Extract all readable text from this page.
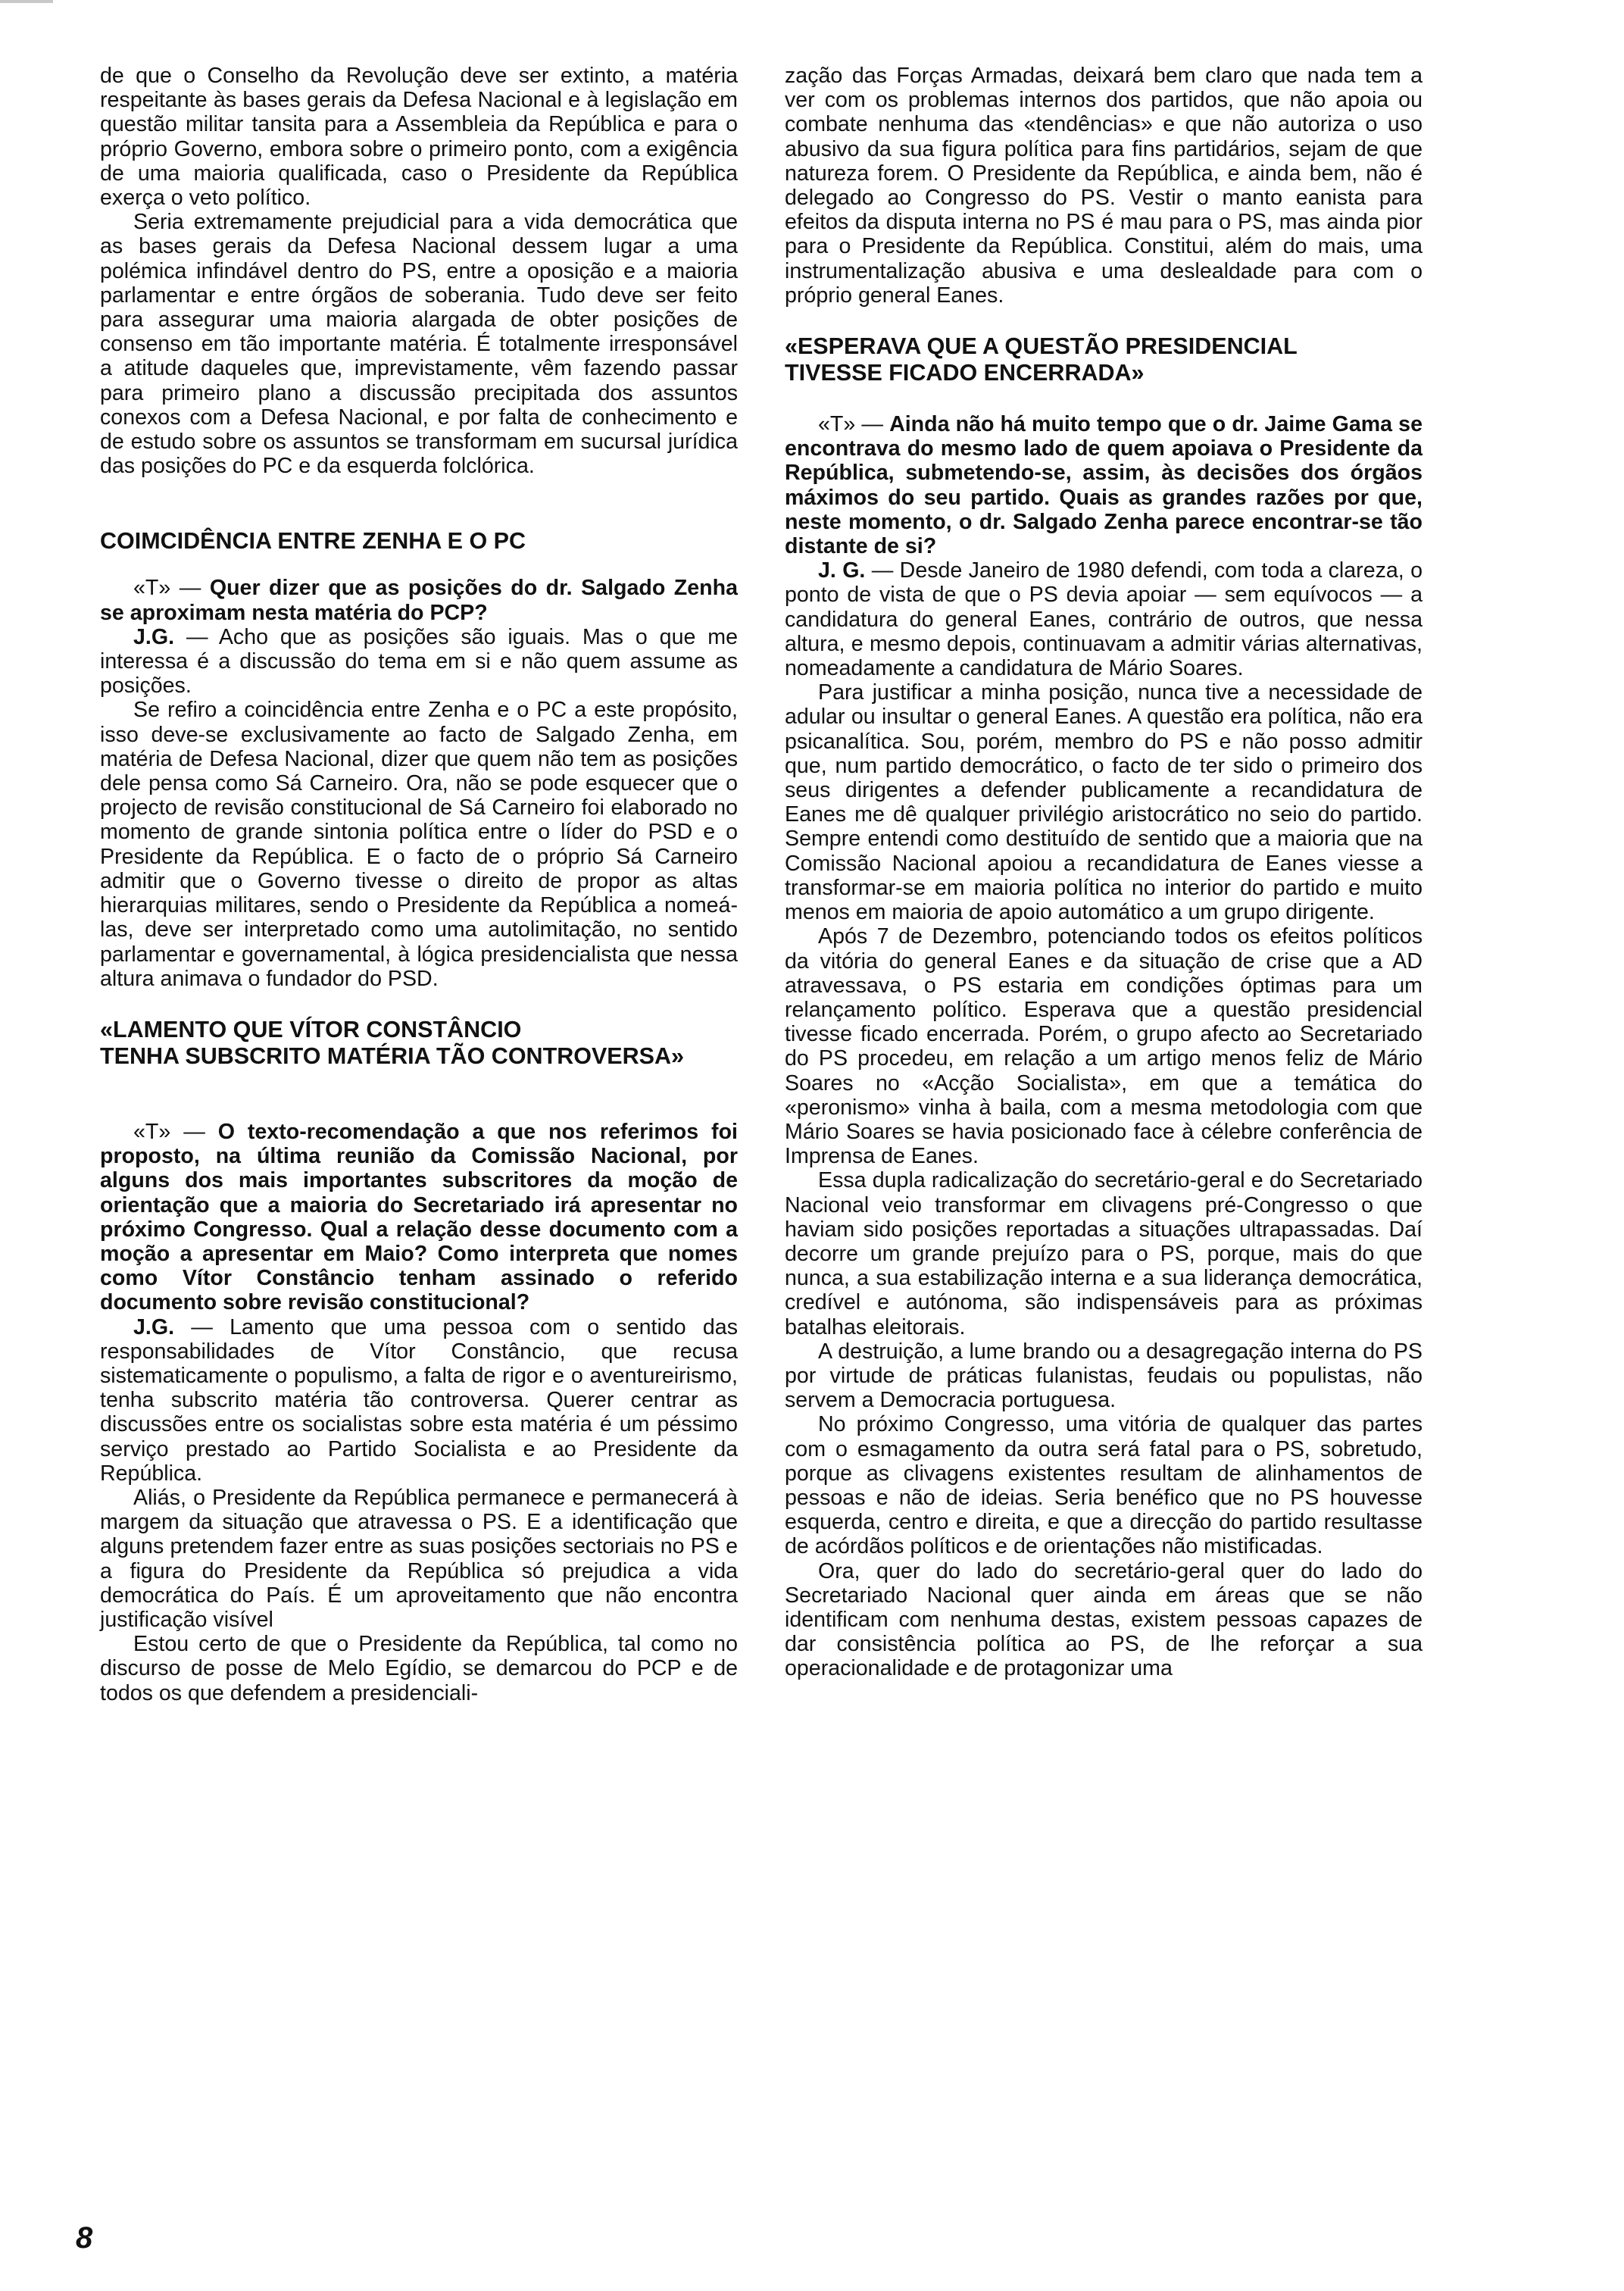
de que o Conselho da Revolução deve ser extinto, a matéria respeitante às bases gerais da Defesa Nacional e à legislação em questão militar tansita para a Assembleia da República e para o próprio Governo, embora sobre o primeiro ponto, com a exigência de uma maioria qualificada, caso o Presidente da República exerça o veto político.

Seria extremamente prejudicial para a vida democrática que as bases gerais da Defesa Nacional dessem lugar a uma polémica infindável dentro do PS, entre a oposição e a maioria parlamentar e entre órgãos de soberania. Tudo deve ser feito para assegurar uma maioria alargada de obter posições de consenso em tão importante matéria. É totalmente irresponsável a atitude daqueles que, imprevistamente, vêm fazendo passar para primeiro plano a discussão precipitada dos assuntos conexos com a Defesa Nacional, e por falta de conhecimento e de estudo sobre os assuntos se transformam em sucursal jurídica das posições do PC e da esquerda folclórica.

COIMCIDÊNCIA ENTRE ZENHA E O PC

«T» — Quer dizer que as posições do dr. Salgado Zenha se aproximam nesta matéria do PCP?

J.G. — Acho que as posições são iguais. Mas o que me interessa é a discussão do tema em si e não quem assume as posições.

Se refiro a coincidência entre Zenha e o PC a este propósito, isso deve-se exclusivamente ao facto de Salgado Zenha, em matéria de Defesa Nacional, dizer que quem não tem as posições dele pensa como Sá Carneiro. Ora, não se pode esquecer que o projecto de revisão constitucional de Sá Carneiro foi elaborado no momento de grande sintonia política entre o líder do PSD e o Presidente da República. E o facto de o próprio Sá Carneiro admitir que o Governo tivesse o direito de propor as altas hierarquias militares, sendo o Presidente da República a nomeá-las, deve ser interpretado como uma autolimitação, no sentido parlamentar e governamental, à lógica presidencialista que nessa altura animava o fundador do PSD.

«LAMENTO QUE VÍTOR CONSTÂNCIO
TENHA SUBSCRITO MATÉRIA TÃO CONTROVERSA»

«T» — O texto-recomendação a que nos referimos foi proposto, na última reunião da Comissão Nacional, por alguns dos mais importantes subscritores da moção de orientação que a maioria do Secretariado irá apresentar no próximo Congresso. Qual a relação desse documento com a moção a apresentar em Maio? Como interpreta que nomes como Vítor Constâncio tenham assinado o referido documento sobre revisão constitucional?

J.G. — Lamento que uma pessoa com o sentido das responsabilidades de Vítor Constâncio, que recusa sistematicamente o populismo, a falta de rigor e o aventureirismo, tenha subscrito matéria tão controversa. Querer centrar as discussões entre os socialistas sobre esta matéria é um péssimo serviço prestado ao Partido Socialista e ao Presidente da República.

Aliás, o Presidente da República permanece e permanecerá à margem da situação que atravessa o PS. E a identificação que alguns pretendem fazer entre as suas posições sectoriais no PS e a figura do Presidente da República só prejudica a vida democrática do País. É um aproveitamento que não encontra justificação visível

Estou certo de que o Presidente da República, tal como no discurso de posse de Melo Egídio, se demarcou do PCP e de todos os que defendem a presidenciali-

zação das Forças Armadas, deixará bem claro que nada tem a ver com os problemas internos dos partidos, que não apoia ou combate nenhuma das «tendências» e que não autoriza o uso abusivo da sua figura política para fins partidários, sejam de que natureza forem. O Presidente da República, e ainda bem, não é delegado ao Congresso do PS. Vestir o manto eanista para efeitos da disputa interna no PS é mau para o PS, mas ainda pior para o Presidente da República. Constitui, além do mais, uma instrumentalização abusiva e uma deslealdade para com o próprio general Eanes.

«ESPERAVA QUE A QUESTÃO PRESIDENCIAL
TIVESSE FICADO ENCERRADA»

«T» — Ainda não há muito tempo que o dr. Jaime Gama se encontrava do mesmo lado de quem apoiava o Presidente da República, submetendo-se, assim, às decisões dos órgãos máximos do seu partido. Quais as grandes razões por que, neste momento, o dr. Salgado Zenha parece encontrar-se tão distante de si?

J. G. — Desde Janeiro de 1980 defendi, com toda a clareza, o ponto de vista de que o PS devia apoiar — sem equívocos — a candidatura do general Eanes, contrário de outros, que nessa altura, e mesmo depois, continuavam a admitir várias alternativas, nomeadamente a candidatura de Mário Soares.

Para justificar a minha posição, nunca tive a necessidade de adular ou insultar o general Eanes. A questão era política, não era psicanalítica. Sou, porém, membro do PS e não posso admitir que, num partido democrático, o facto de ter sido o primeiro dos seus dirigentes a defender publicamente a recandidatura de Eanes me dê qualquer privilégio aristocrático no seio do partido. Sempre entendi como destituído de sentido que a maioria que na Comissão Nacional apoiou a recandidatura de Eanes viesse a transformar-se em maioria política no interior do partido e muito menos em maioria de apoio automático a um grupo dirigente.

Após 7 de Dezembro, potenciando todos os efeitos políticos da vitória do general Eanes e da situação de crise que a AD atravessava, o PS estaria em condições óptimas para um relançamento político. Esperava que a questão presidencial tivesse ficado encerrada. Porém, o grupo afecto ao Secretariado do PS procedeu, em relação a um artigo menos feliz de Mário Soares no «Acção Socialista», em que a temática do «peronismo» vinha à baila, com a mesma metodologia com que Mário Soares se havia posicionado face à célebre conferência de Imprensa de Eanes.

Essa dupla radicalização do secretário-geral e do Secretariado Nacional veio transformar em clivagens pré-Congresso o que haviam sido posições reportadas a situações ultrapassadas. Daí decorre um grande prejuízo para o PS, porque, mais do que nunca, a sua estabilização interna e a sua liderança democrática, credível e autónoma, são indispensáveis para as próximas batalhas eleitorais.

A destruição, a lume brando ou a desagregação interna do PS por virtude de práticas fulanistas, feudais ou populistas, não servem a Democracia portuguesa.

No próximo Congresso, uma vitória de qualquer das partes com o esmagamento da outra será fatal para o PS, sobretudo, porque as clivagens existentes resultam de alinhamentos de pessoas e não de ideias. Seria benéfico que no PS houvesse esquerda, centro e direita, e que a direcção do partido resultasse de acórdãos políticos e de orientações não mistificadas.

Ora, quer do lado do secretário-geral quer do lado do Secretariado Nacional quer ainda em áreas que se não identificam com nenhuma destas, existem pessoas capazes de dar consistência política ao PS, de lhe reforçar a sua operacionalidade e de protagonizar uma

8
